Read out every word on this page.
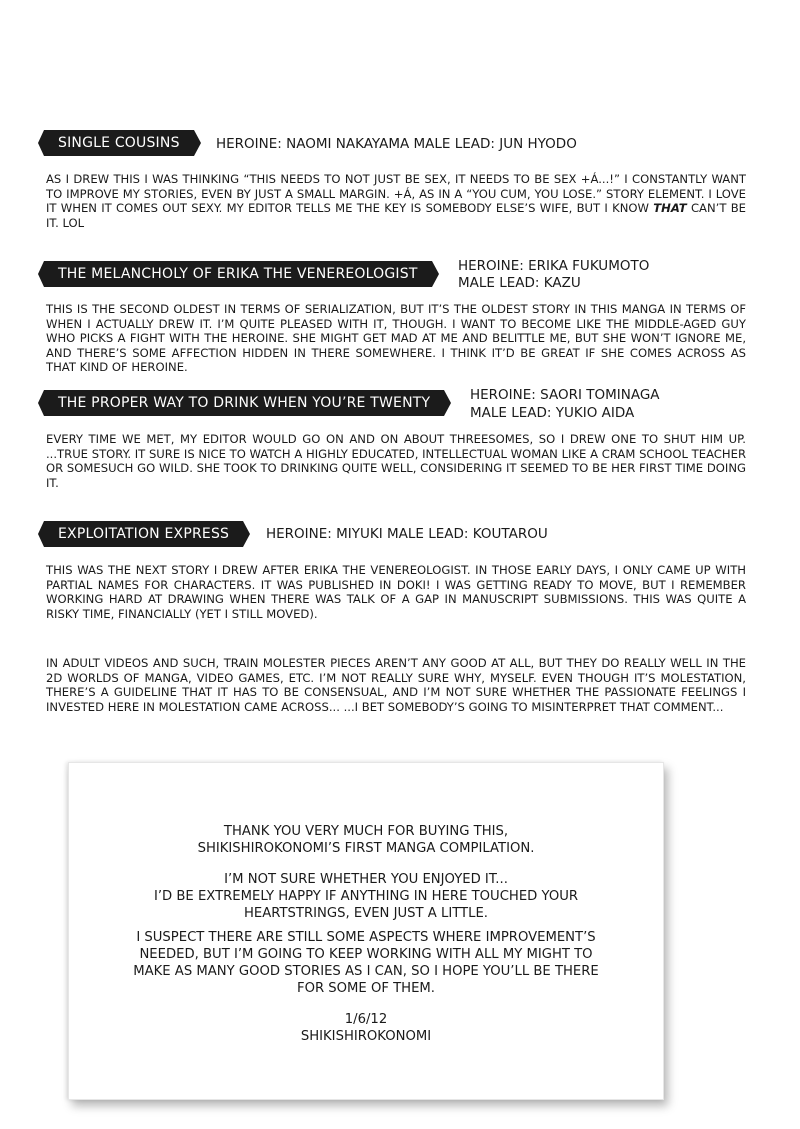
SINGLE COUSINS	HEROINE: NAOMI NAKAYAMA MALE LEAD: JUN HYODO
AS I DREW THIS I WAS THINKING “THIS NEEDS TO NOT JUST BE SEX, IT NEEDS TO BE SEX +Á...!” I CONSTANTLY WANT TO IMPROVE MY STORIES, EVEN BY JUST A SMALL MARGIN. +Á, AS IN A “YOU CUM, YOU LOSE.” STORY ELEMENT. I LOVE IT WHEN IT COMES OUT SEXY. MY EDITOR TELLS ME THE KEY IS SOMEBODY ELSE’S WIFE, BUT I KNOW THAT CAN’T BE IT. LOL
THE MELANCHOLY OF ERIKA THE VENEREOLOGIST	HEROINE: ERIKA FUKUMOTO
MALE LEAD: KAZU
THIS IS THE SECOND OLDEST IN TERMS OF SERIALIZATION, BUT IT’S THE OLDEST STORY IN THIS MANGA IN TERMS OF WHEN I ACTUALLY DREW IT. I’M QUITE PLEASED WITH IT, THOUGH. I WANT TO BECOME LIKE THE MIDDLE-AGED GUY WHO PICKS A FIGHT WITH THE HEROINE. SHE MIGHT GET MAD AT ME AND BELITTLE ME, BUT SHE WON’T IGNORE ME, AND THERE’S SOME AFFECTION HIDDEN IN THERE SOMEWHERE. I THINK IT’D BE GREAT IF SHE COMES ACROSS AS THAT KIND OF HEROINE.
THE PROPER WAY TO DRINK WHEN YOU’RE TWENTY	HEROINE: SAORI TOMINAGA
MALE LEAD: YUKIO AIDA
EVERY TIME WE MET, MY EDITOR WOULD GO ON AND ON ABOUT THREESOMES, SO I DREW ONE TO SHUT HIM UP. ...TRUE STORY. IT SURE IS NICE TO WATCH A HIGHLY EDUCATED, INTELLECTUAL WOMAN LIKE A CRAM SCHOOL TEACHER OR SOMESUCH GO WILD. SHE TOOK TO DRINKING QUITE WELL, CONSIDERING IT SEEMED TO BE HER FIRST TIME DOING IT.
EXPLOITATION EXPRESS	HEROINE: MIYUKI MALE LEAD: KOUTAROU
THIS WAS THE NEXT STORY I DREW AFTER ERIKA THE VENEREOLOGIST. IN THOSE EARLY DAYS, I ONLY CAME UP WITH PARTIAL NAMES FOR CHARACTERS. IT WAS PUBLISHED IN DOKI! I WAS GETTING READY TO MOVE, BUT I REMEMBER WORKING HARD AT DRAWING WHEN THERE WAS TALK OF A GAP IN MANUSCRIPT SUBMISSIONS. THIS WAS QUITE A RISKY TIME, FINANCIALLY (YET I STILL MOVED).
IN ADULT VIDEOS AND SUCH, TRAIN MOLESTER PIECES AREN’T ANY GOOD AT ALL, BUT THEY DO REALLY WELL IN THE 2D WORLDS OF MANGA, VIDEO GAMES, ETC. I’M NOT REALLY SURE WHY, MYSELF. EVEN THOUGH IT’S MOLESTATION, THERE’S A GUIDELINE THAT IT HAS TO BE CONSENSUAL, AND I’M NOT SURE WHETHER THE PASSIONATE FEELINGS I INVESTED HERE IN MOLESTATION CAME ACROSS... ...I BET SOMEBODY’S GOING TO MISINTERPRET THAT COMMENT...

THANK YOU VERY MUCH FOR BUYING THIS,

SHIKISHIROKONOMI’S FIRST MANGA COMPILATION.

I’M NOT SURE WHETHER YOU ENJOYED IT...

I’D BE EXTREMELY HAPPY IF ANYTHING IN HERE TOUCHED YOUR

HEARTSTRINGS, EVEN JUST A LITTLE.

I SUSPECT THERE ARE STILL SOME ASPECTS WHERE IMPROVEMENT’S

NEEDED, BUT I’M GOING TO KEEP WORKING WITH ALL MY MIGHT TO

MAKE AS MANY GOOD STORIES AS I CAN, SO I HOPE YOU’LL BE THERE

FOR SOME OF THEM.

1/6/12

SHIKISHIROKONOMI
